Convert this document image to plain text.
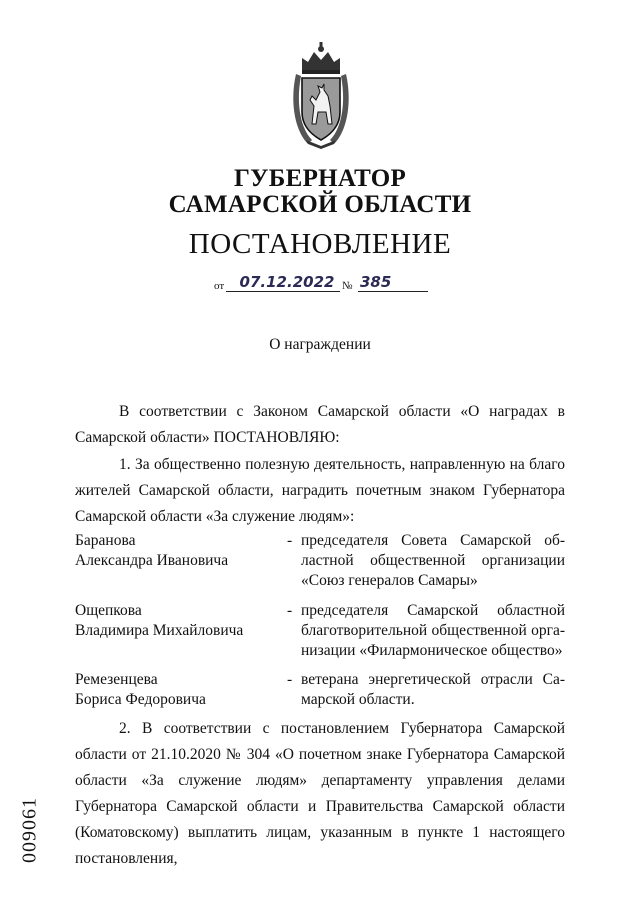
ГУБЕРНАТОР
САМАРСКОЙ ОБЛАСТИ
ПОСТАНОВЛЕНИЕ
от	07.12.2022 № 385
О награждении

В соответствии с Законом Самарской области «О наградах в Самарской области» ПОСТАНОВЛЯЮ:

1. За общественно полезную деятельность, направленную на благо жителей Самарской области, наградить почетным знаком Губернатора Самарской области «За служение людям»:

Баранова
Александра Ивановича
- председателя Совета Самарской об-ластной общественной организации «Союз генералов Самары»
Ощепкова
Владимира Михайловича
- председателя Самарской областной благотворительной общественной орга-низации «Филармоническое общество»
Ремезенцева
Бориса Федоровича
- ветерана энергетической отрасли Са-марской области.

2. В соответствии с постановлением Губернатора Самарской области от 21.10.2020 № 304 «О почетном знаке Губернатора Самарской области «За служение людям» департаменту управления делами Губернатора Самарской области и Правительства Самарской области (Коматовскому) выплатить лицам, указанным в пункте 1 настоящего постановления,

009061
